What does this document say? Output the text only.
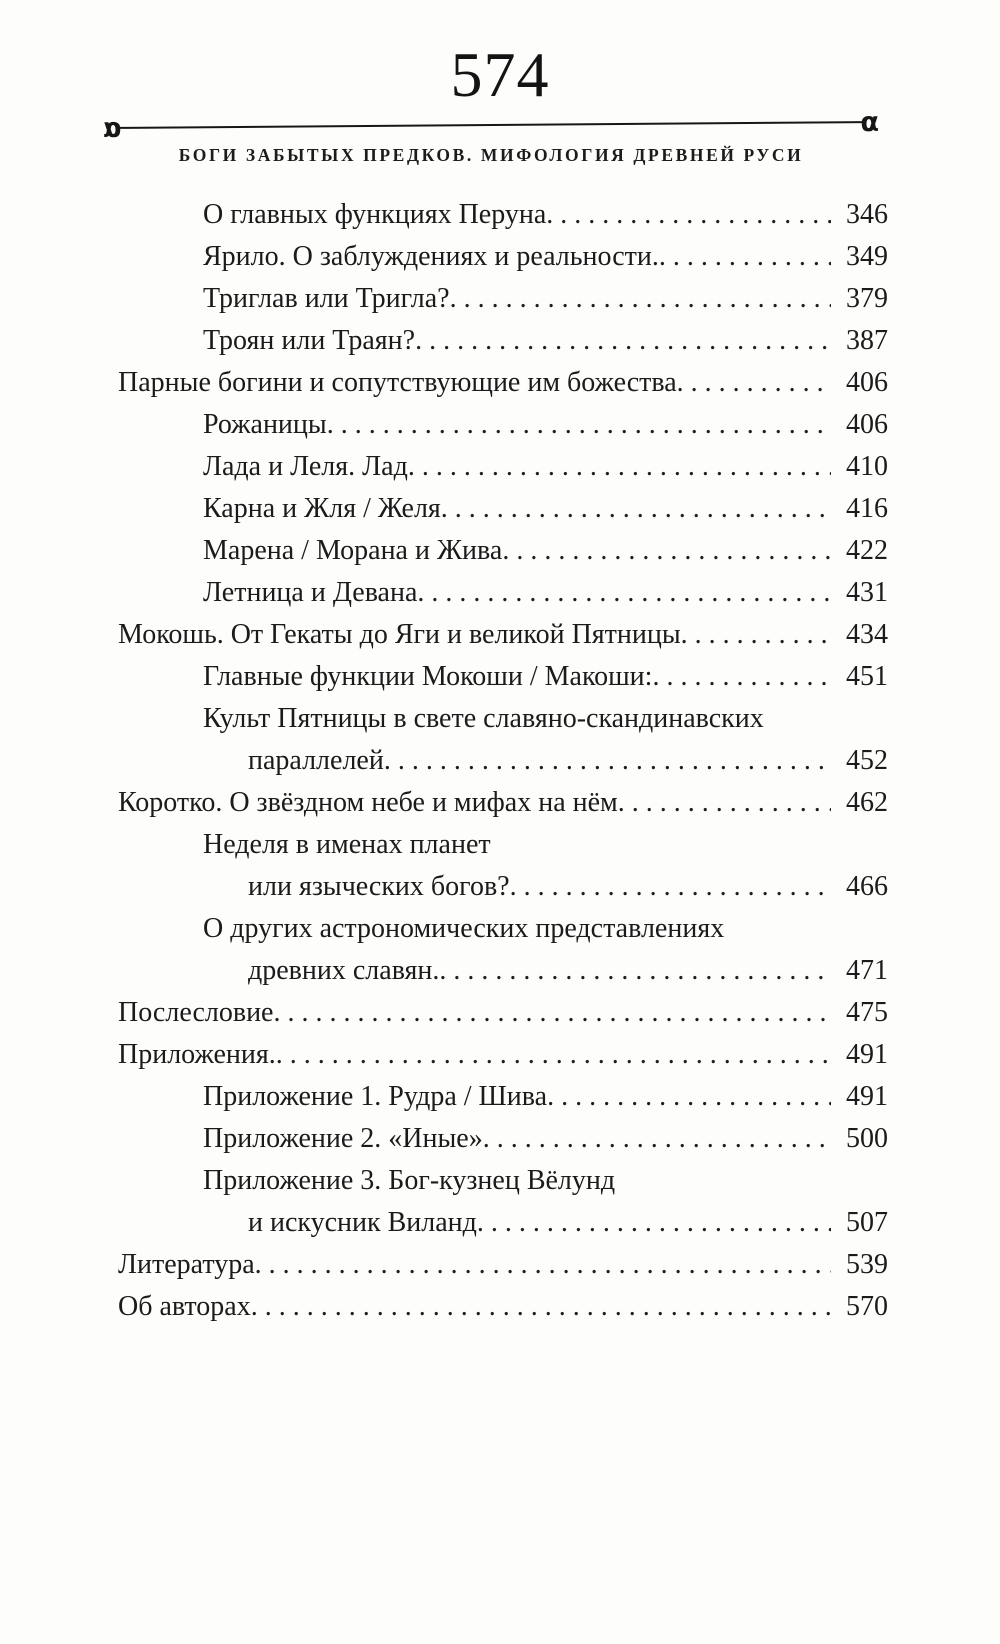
574
α	α
БОГИ ЗАБЫТЫХ ПРЕДКОВ. МИФОЛОГИЯ ДРЕВНЕЙ РУСИ
О главных функциях Перуна . . .	346
Ярило. О заблуждениях и реальности. . . .	349
Триглав или Тригла? . . .	379
Троян или Траян? . . .	387
Парные богини и сопутствующие им божества . . .	406
Рожаницы . . .	406
Лада и Леля. Лад . . .	410
Карна и Жля / Желя . . .	416
Марена / Морана и Жива . . .	422
Летница и Девана . . .	431
Мокошь. От Гекаты до Яги и великой Пятницы . . .	434
Главные функции Мокоши / Макоши: . . .	451
Культ Пятницы в свете славяно-скандинавских
параллелей . . .	452
Коротко. О звёздном небе и мифах на нём . . .	462
Неделя в именах планет
или языческих богов? . . .	466
О других астрономических представлениях
древних славян. . . .	471
Послесловие . . .	475
Приложения. . . .	491
Приложение 1. Рудра / Шива . . .	491
Приложение 2. «Иные» . . .	500
Приложение 3. Бог-кузнец Вёлунд
и искусник Виланд . . .	507
Литература . . .	539
Об авторах . . .	570
